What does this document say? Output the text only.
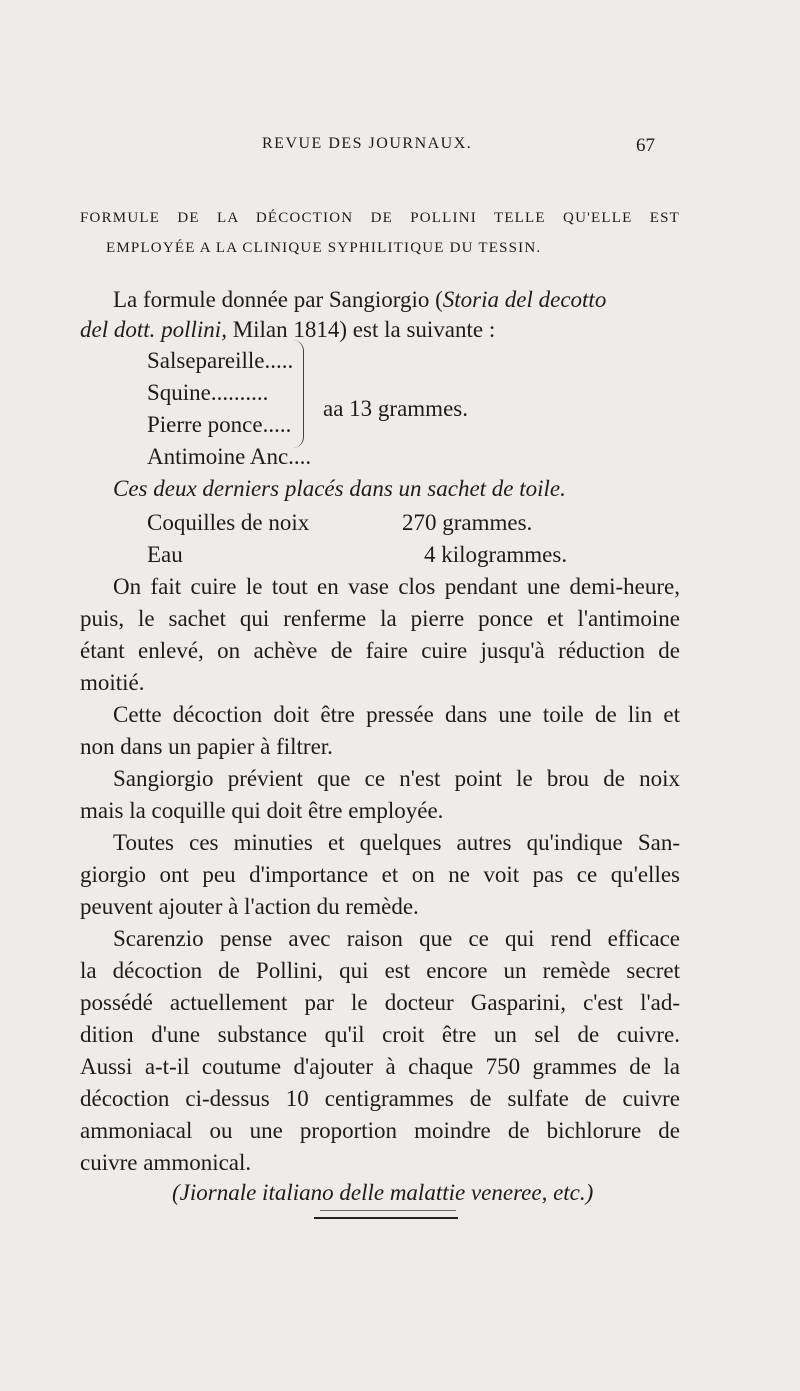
REVUE DES JOURNAUX.	67
FORMULE DE LA DÉCOCTION DE POLLINI TELLE QU'ELLE EST
EMPLOYÉE A LA CLINIQUE SYPHILITIQUE DU TESSIN.
La formule donnée par Sangiorgio (Storia del decotto
del dott. pollini, Milan 1814) est la suivante :
Salsepareille.....
Squine..........
Pierre ponce.....
Antimoine Anc....
aa 13 grammes.
Ces deux derniers placés dans un sachet de toile.
Coquilles de noix	270 grammes.
Eau	4 kilogrammes.
On fait cuire le tout en vase clos pendant une demi-heure,
puis, le sachet qui renferme la pierre ponce et l'antimoine
étant enlevé, on achève de faire cuire jusqu'à réduction de
moitié.
Cette décoction doit être pressée dans une toile de lin et
non dans un papier à filtrer.
Sangiorgio prévient que ce n'est point le brou de noix
mais la coquille qui doit être employée.
Toutes ces minuties et quelques autres qu'indique San-
giorgio ont peu d'importance et on ne voit pas ce qu'elles
peuvent ajouter à l'action du remède.
Scarenzio pense avec raison que ce qui rend efficace
la décoction de Pollini, qui est encore un remède secret
possédé actuellement par le docteur Gasparini, c'est l'ad-
dition d'une substance qu'il croit être un sel de cuivre.
Aussi a-t-il coutume d'ajouter à chaque 750 grammes de la
décoction ci-dessus 10 centigrammes de sulfate de cuivre
ammoniacal ou une proportion moindre de bichlorure de
cuivre ammonical.
(Jiornale italiano delle malattie veneree, etc.)
